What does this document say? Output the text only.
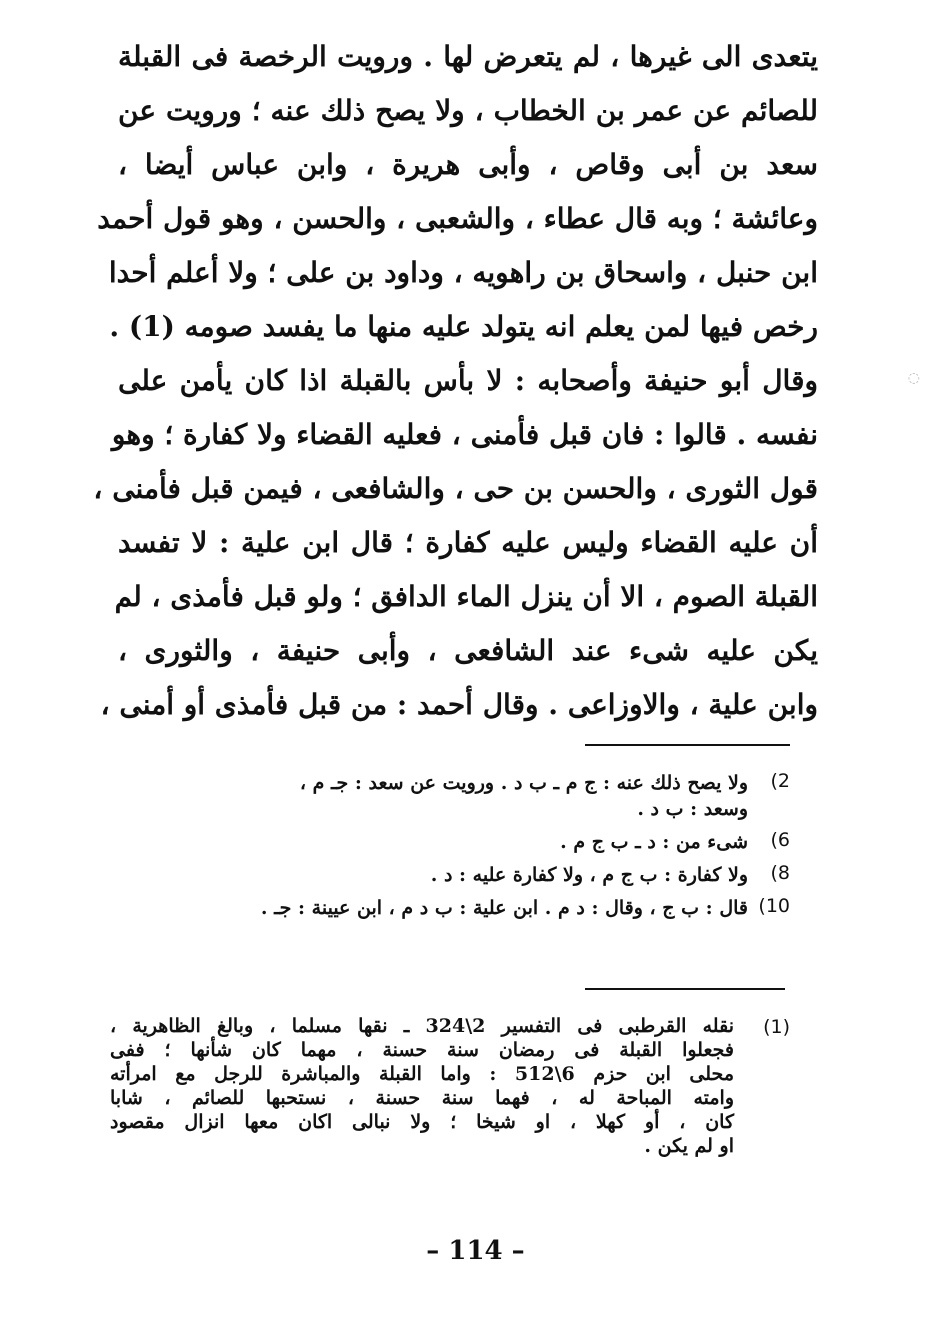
يتعدى الى غيرها ، لم يتعرض لها . ورويت الرخصة فى القبلة
للصائم عن عمر بن الخطاب ، ولا يصح ذلك عنه ؛ ورويت عن
سعد بن أبى وقاص ، وأبى هريرة ، وابن عباس أيضا ،
وعائشة ؛ وبه قال عطاء ، والشعبى ، والحسن ، وهو قول أحمد
ابن حنبل ، واسحاق بن راهويه ، وداود بن على ؛ ولا أعلم أحدا
رخص فيها لمن يعلم انه يتولد عليه منها ما يفسد صومه (1) .
وقال أبو حنيفة وأصحابه : لا بأس بالقبلة اذا كان يأمن على
نفسه . قالوا : فان قبل فأمنى ، فعليه القضاء ولا كفارة ؛ وهو
قول الثورى ، والحسن بن حى ، والشافعى ، فيمن قبل فأمنى ،
أن عليه القضاء وليس عليه كفارة ؛ قال ابن علية : لا تفسد
القبلة الصوم ، الا أن ينزل الماء الدافق ؛ ولو قبل فأمذى ، لم
يكن عليه شىء عند الشافعى ، وأبى حنيفة ، والثورى ،
وابن علية ، والاوزاعى . وقال أحمد : من قبل فأمذى أو أمنى ،
◌
(2
ولا يصح ذلك عنه : ج م ـ ب د . ورويت عن سعد : جـ م ،
وسعد : ب د .
(6
شىء من : د ـ ب ج م .
(8
ولا كفارة : ب ج م ، ولا كفارة عليه : د .
(10
قال : ب ج ، وقال : د م . ابن علية : ب د م ، ابن عيينة : جـ .
(1)
نقله القرطبى فى التفسير 2\324 ـ نقها مسلما ، وبالغ الظاهرية ،
فجعلوا القبلة فى رمضان سنة حسنة ، مهما كان شأنها ؛ ففى
محلى ابن حزم 6\512 : واما القبلة والمباشرة للرجل مع امرأته
وامته المباحة له ، فهما سنة حسنة ، نستحبها للصائم ، شابا
كان ، أو كهلا ، او شيخا ؛ ولا نبالى اكان معها انزال مقصود
او لم يكن .
– 114 –
